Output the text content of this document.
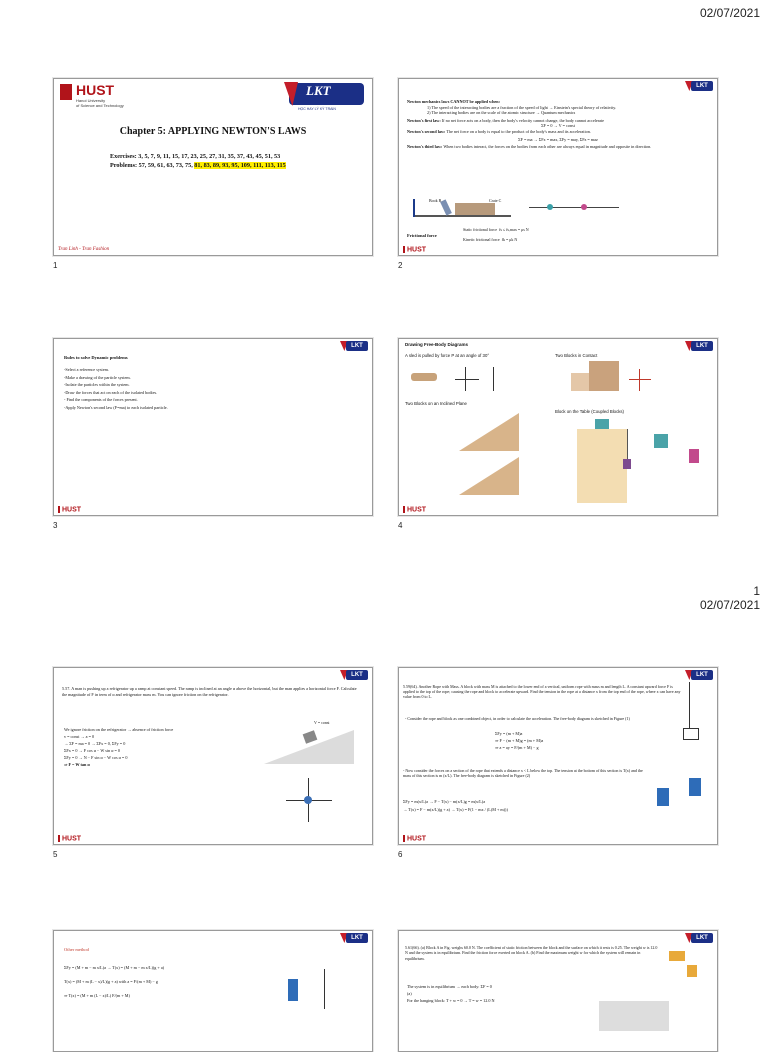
02/07/2021
1
02/07/2021
HUST
Hanoi University
of Science and Technology
LKT
HỌC HAY LÝ KỲ TRAIN
Chapter 5: APPLYING NEWTON'S LAWS
Exercises: 3, 5, 7, 9, 11, 15, 17, 23, 25, 27, 31, 35, 37, 43, 45, 51, 53
Problems: 57, 59, 61, 63, 73, 75, 81, 83, 89, 93, 95, 109, 111, 113, 115
Tran Linh - Tran Fashion
1
LKT
Newton mechanics laws CANNOT be applied when:
1) The speed of the interacting bodies are a fraction of the speed of light → Einstein's special theory of relativity.
2) The interacting bodies are on the scale of the atomic structure → Quantum mechanics
Newton's first law: If no net force acts on a body, then the body's velocity cannot change, the body cannot accelerate
ΣF = 0 → V = const
Newton's second law: The net force on a body is equal to the product of the body's mass and its acceleration.
ΣF = ma → ΣFx = max, ΣFy = may, ΣFz = maz
Newton's third law: When two bodies interact, the forces on the bodies from each other are always equal in magnitude and opposite in direction.
Book B	Crate C
Frictional force
Static frictional force fs ≤ fs,max = μs N
Kinetic frictional force fk = μk N
HUST
2
LKT
Rules to solve Dynamic problems
-Select a reference system.
-Make a drawing of the particle system.
-Isolate the particles within the system.
-Draw the forces that act on each of the isolated bodies.
- Find the components of the forces present.
-Apply Newton's second law (F=ma) to each isolated particle.
HUST
3
LKT
Drawing Free-Body Diagrams
A sled is pulled by force P at an angle of 30°	Two Blocks in Contact
Two Blocks on an Inclined Plane
Block on the Table (Coupled Blocks)
HUST
4
LKT
5.57. A man is pushing up a refrigerator up a ramp at constant speed. The ramp is inclined at an angle α above the horizontal, but the man applies a horizontal force F. Calculate the magnitude of F in term of α and refrigerator mass m. You can ignore friction on the refrigerator.
We ignore friction on the refrigerator → absence of friction force
v = const → a = 0
→ ΣF = ma = 0 → ΣFx = 0, ΣFy = 0
ΣFx = 0 → F cos α − W sin α = 0
ΣFy = 0 → N − F sin α − W cos α = 0
⇒ F = W tan α
V = const
HUST
5
LKT
5.59(64). Another Rope with Mass. A block with mass M is attached to the lower end of a vertical, uniform rope with mass m and length L. A constant upward force F is applied to the top of the rope; causing the rope and block to accelerate upward. Find the tension in the rope at a distance x from the top end of the rope, where x can have any value from 0 to L.
- Consider the rope and block as one combined object, in order to calculate the acceleration. The free-body diagram is sketched in Figure (1)
ΣFy = (m + M)a
⇒ F − (m + M)g = (m + M)a
⇒ a = ay = F/(m + M) − g
- Now consider the forces on a section of the rope that extends a distance x < L below the top. The tension at the bottom of this section is T(x) and the mass of this section is m (x/L). The free-body diagram is sketched in Figure (2)
ΣFy = m(x/L)a → F − T(x) − m(x/L)g = m(x/L)a
→ T(x) = F − m(x/L)(g + a) → T(x) = F(1 − mx / (L(M + m)))
HUST
6
LKT
Other method
ΣFy = (M + m − m x/L)a → T(x) = (M + m − m x/L)(g + a)
T(x) = (M + m (L − x)/L)(g + a) with a = F/(m + M) − g
⇒ T(x) = (M + m (L − x)/L) F/(m + M)
LKT
5.61(66). (a) Block A in Fig. weighs 60.0 N. The coefficient of static friction between the block and the surface on which it rests is 0.25. The weight w is 12.0 N and the system is in equilibrium. Find the friction force exerted on block A. (b) Find the maximum weight w for which the system will remain in equilibrium.
The system is in equilibrium → each body: ΣF = 0
(a)
For the hanging block: T + w = 0 → T = w = 12.0 N
